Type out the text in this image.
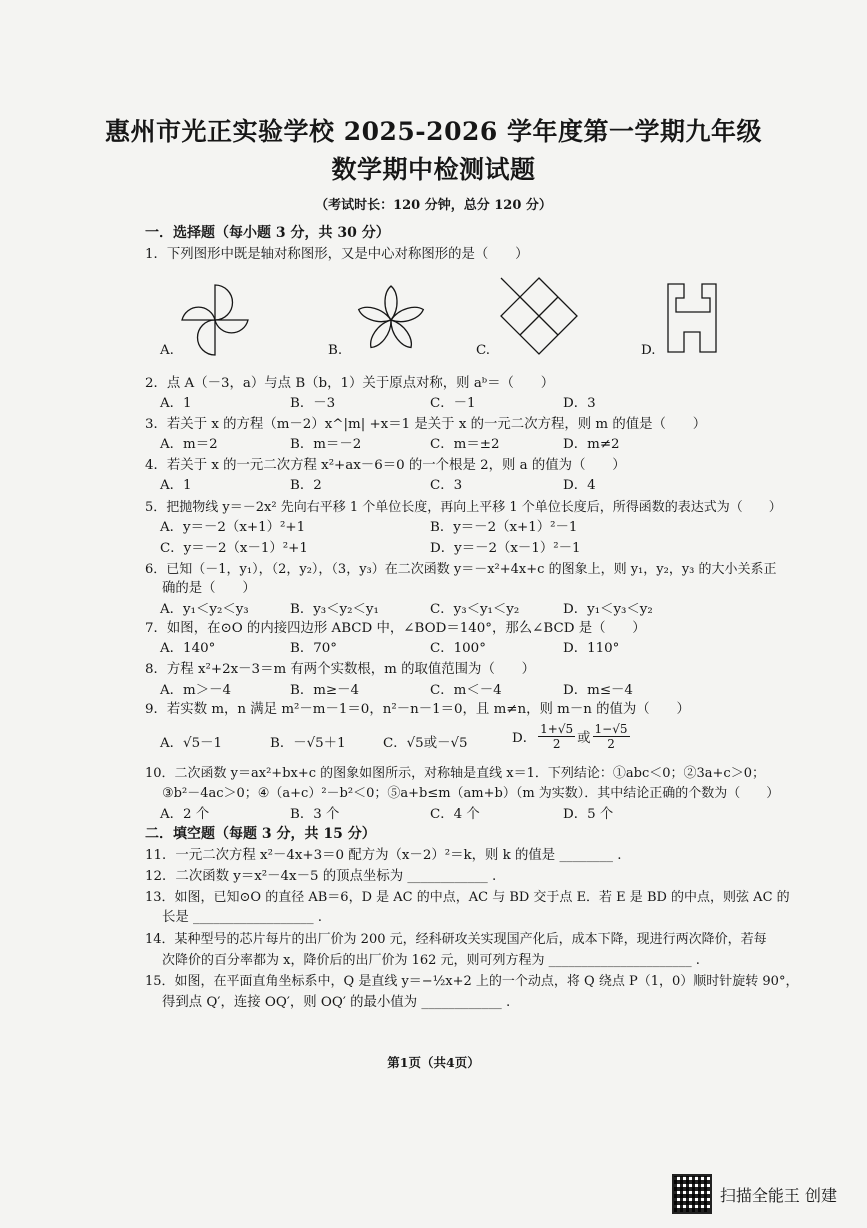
惠州市光正实验学校 2025-2026 学年度第一学期九年级
数学期中检测试题
（考试时长：120 分钟，总分 120 分）
一．选择题（每小题 3 分，共 30 分）
1．下列图形中既是轴对称图形，又是中心对称图形的是（　　）
A.	B.	C.	D.
2．点 A（－3，a）与点 B（b，1）关于原点对称，则 aᵇ＝（　　）
A．1	B．－3	C．－1	D．3
3．若关于 x 的方程（m－2）x^|m| +x＝1 是关于 x 的一元二次方程，则 m 的值是（　　）
A．m＝2	B．m＝－2	C．m＝±2	D．m≠2
4．若关于 x 的一元二次方程 x²+ax－6＝0 的一个根是 2，则 a 的值为（　　）
A．1	B．2	C．3	D．4
5．把抛物线 y＝－2x² 先向右平移 1 个单位长度，再向上平移 1 个单位长度后，所得函数的表达式为（　　）
A．y＝－2（x+1）²+1	B．y＝－2（x+1）²－1
C．y＝－2（x－1）²+1	D．y＝－2（x－1）²－1
6．已知（－1，y₁），（2，y₂），（3，y₃）在二次函数 y＝－x²+4x+c 的图象上，则 y₁，y₂，y₃ 的大小关系正
确的是（　　）
A．y₁＜y₂＜y₃	B．y₃＜y₂＜y₁	C．y₃＜y₁＜y₂	D．y₁＜y₃＜y₂
7．如图，在⊙O 的内接四边形 ABCD 中，∠BOD＝140°，那么∠BCD 是（　　）
A．140°	B．70°	C．100°	D．110°
8．方程 x²+2x－3＝m 有两个实数根，m 的取值范围为（　　）
A．m＞－4	B．m≥－4	C．m＜－4	D．m≤－4
9．若实数 m，n 满足 m²－m－1＝0，n²－n－1＝0，且 m≠n，则 m－n 的值为（　　）
A．√5－1	B．－√5＋1	C．√5或－√5	D． $\frac{1+√5}{2}$ 或 $\frac{1-√5}{2}$
10．二次函数 y＝ax²+bx+c 的图象如图所示，对称轴是直线 x＝1．下列结论：①abc＜0；②3a+c＞0；
③b²－4ac＞0；④（a+c）²－b²＜0；⑤a+b≤m（am+b）（m 为实数）．其中结论正确的个数为（　　）
A．2 个	B．3 个	C．4 个	D．5 个
二．填空题（每题 3 分，共 15 分）
11．一元二次方程 x²－4x+3＝0 配方为（x－2）²＝k，则 k 的值是 ________ .
12．二次函数 y＝x²－4x－5 的顶点坐标为 ____________ .
13．如图，已知⊙O 的直径 AB＝6，D 是 AC 的中点，AC 与 BD 交于点 E．若 E 是 BD 的中点，则弦 AC 的
长是 __________________ .
14．某种型号的芯片每片的出厂价为 200 元，经科研攻关实现国产化后，成本下降，现进行两次降价，若每
次降价的百分率都为 x，降价后的出厂价为 162 元，则可列方程为 ______________________ .
15．如图，在平面直角坐标系中，Q 是直线 y＝−½x+2 上的一个动点，将 Q 绕点 P（1，0）顺时针旋转 90°，
得到点 Q′，连接 OQ′，则 OQ′ 的最小值为 ____________ .
第1页（共4页）
扫描全能王 创建
